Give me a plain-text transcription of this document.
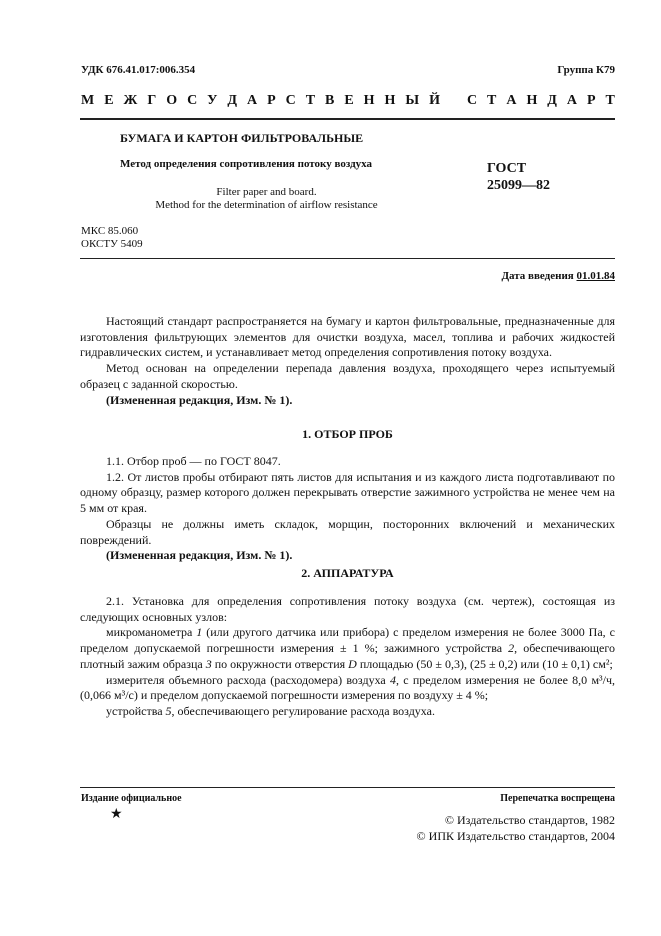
УДК 676.41.017:006.354	Группа К79
М Е Ж Г О С У Д А Р С Т В Е Н Н Ы Й
С Т А Н Д А Р Т
БУМАГА И КАРТОН ФИЛЬТРОВАЛЬНЫЕ
Метод определения сопротивления потоку воздуха
Filter paper and board.
Method for the determination of airflow resistance
ГОСТ
25099—82
МКС 85.060
ОКСТУ 5409
Дата введения 01.01.84

Настоящий стандарт распространяется на бумагу и картон фильтровальные, предназначенные для изготовления фильтрующих элементов для очистки воздуха, масел, топлива и рабочих жидкостей гидравлических систем, и устанавливает метод определения сопротивления потоку воздуха.

Метод основан на определении перепада давления воздуха, проходящего через испытуемый образец с заданной скоростью.

(Измененная редакция, Изм. № 1).

1. ОТБОР ПРОБ

1.1. Отбор проб — по ГОСТ 8047.

1.2. От листов пробы отбирают пять листов для испытания и из каждого листа подготавливают по одному образцу, размер которого должен перекрывать отверстие зажимного устройства не менее чем на 5 мм от края.

Образцы не должны иметь складок, морщин, посторонних включений и механических повреждений.

(Измененная редакция, Изм. № 1).

2. АППАРАТУРА

2.1. Установка для определения сопротивления потоку воздуха (см. чертеж), состоящая из следующих основных узлов:

микроманометра 1 (или другого датчика или прибора) с пределом измерения не более 3000 Па, с пределом допускаемой погрешности измерения ± 1 %; зажимного устройства 2, обеспечивающего плотный зажим образца 3 по окружности отверстия D площадью (50 ± 0,3), (25 ± 0,2) или (10 ± 0,1) см²;

измерителя объемного расхода (расходомера) воздуха 4, с пределом измерения не более 8,0 м³/ч, (0,066 м³/с) и пределом допускаемой погрешности измерения по воздуху ± 4 %;

устройства 5, обеспечивающего регулирование расхода воздуха.

Издание официальное	Перепечатка воспрещена
★	© Издательство стандартов, 1982
© ИПК Издательство стандартов, 2004
